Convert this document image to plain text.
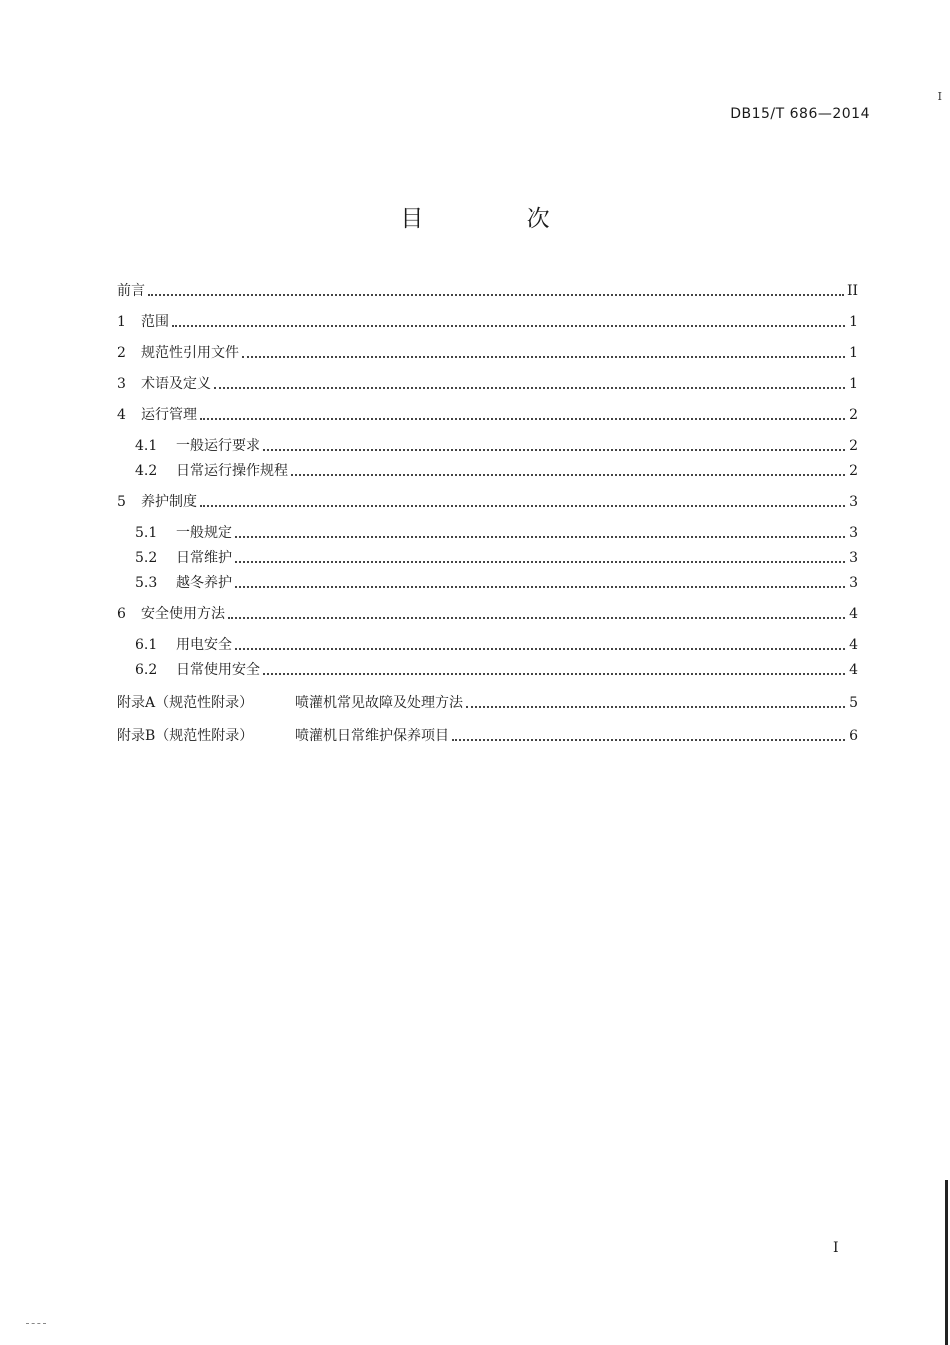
DB15/T 686—2014
I
目 次
前言	II
1	范围	1
2	规范性引用文件	1
3	术语及定义	1
4	运行管理	2
4.1	一般运行要求	2
4.2	日常运行操作规程	2
5	养护制度	3
5.1	一般规定	3
5.2	日常维护	3
5.3	越冬养护	3
6	安全使用方法	4
6.1	用电安全	4
6.2	日常使用安全	4
附录A（规范性附录）	喷灌机常见故障及处理方法	5
附录B（规范性附录）	喷灌机日常维护保养项目	6
I
